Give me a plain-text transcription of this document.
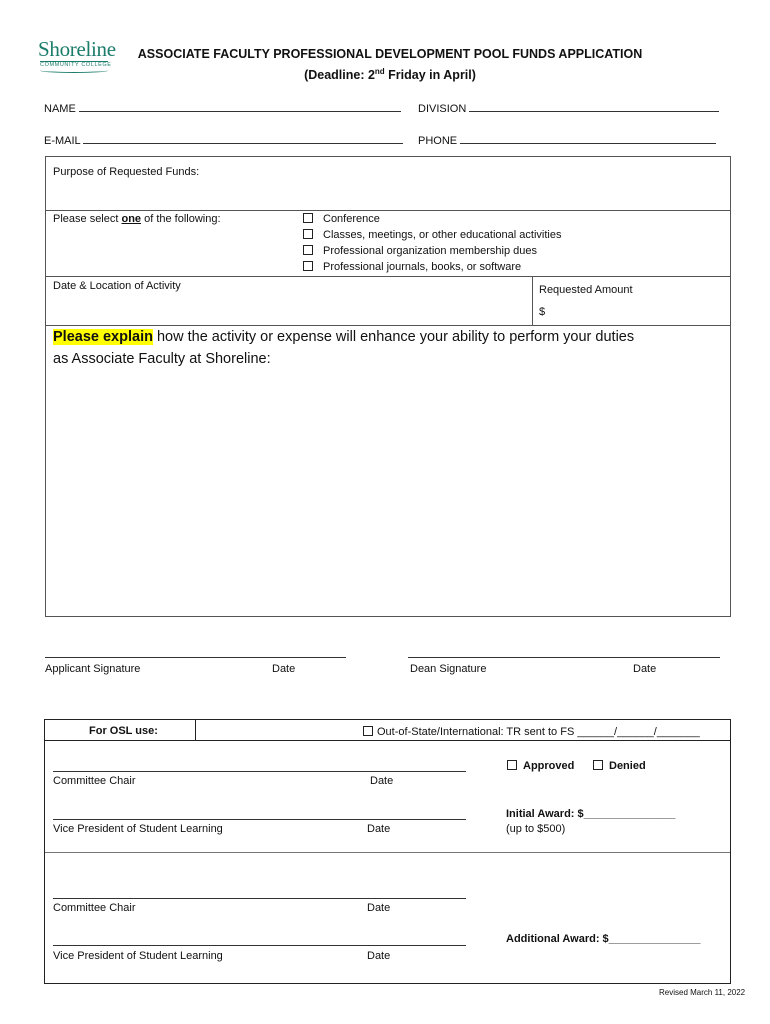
Shoreline
COMMUNITY COLLEGE
ASSOCIATE FACULTY PROFESSIONAL DEVELOPMENT POOL FUNDS APPLICATION
(Deadline: 2nd Friday in April)
NAME	DIVISION
E-MAIL	PHONE
Purpose of Requested Funds:
Please select one of the following:	Conference
Classes, meetings, or other educational activities
Professional organization membership dues
Professional journals, books, or software
Date & Location of Activity	Requested Amount
$
Please explain how the activity or expense will enhance your ability to perform your duties
as Associate Faculty at Shoreline:
Applicant Signature	Date	Dean Signature	Date
For OSL use:	Out-of-State/International: TR sent to FS ______/______/_______
Committee Chair	Date
Approved	Denied
Vice President of Student Learning	Date
Initial Award: $_______________
(up to $500)
Committee Chair	Date
Vice President of Student Learning	Date
Additional Award: $_______________
Revised March 11, 2022
